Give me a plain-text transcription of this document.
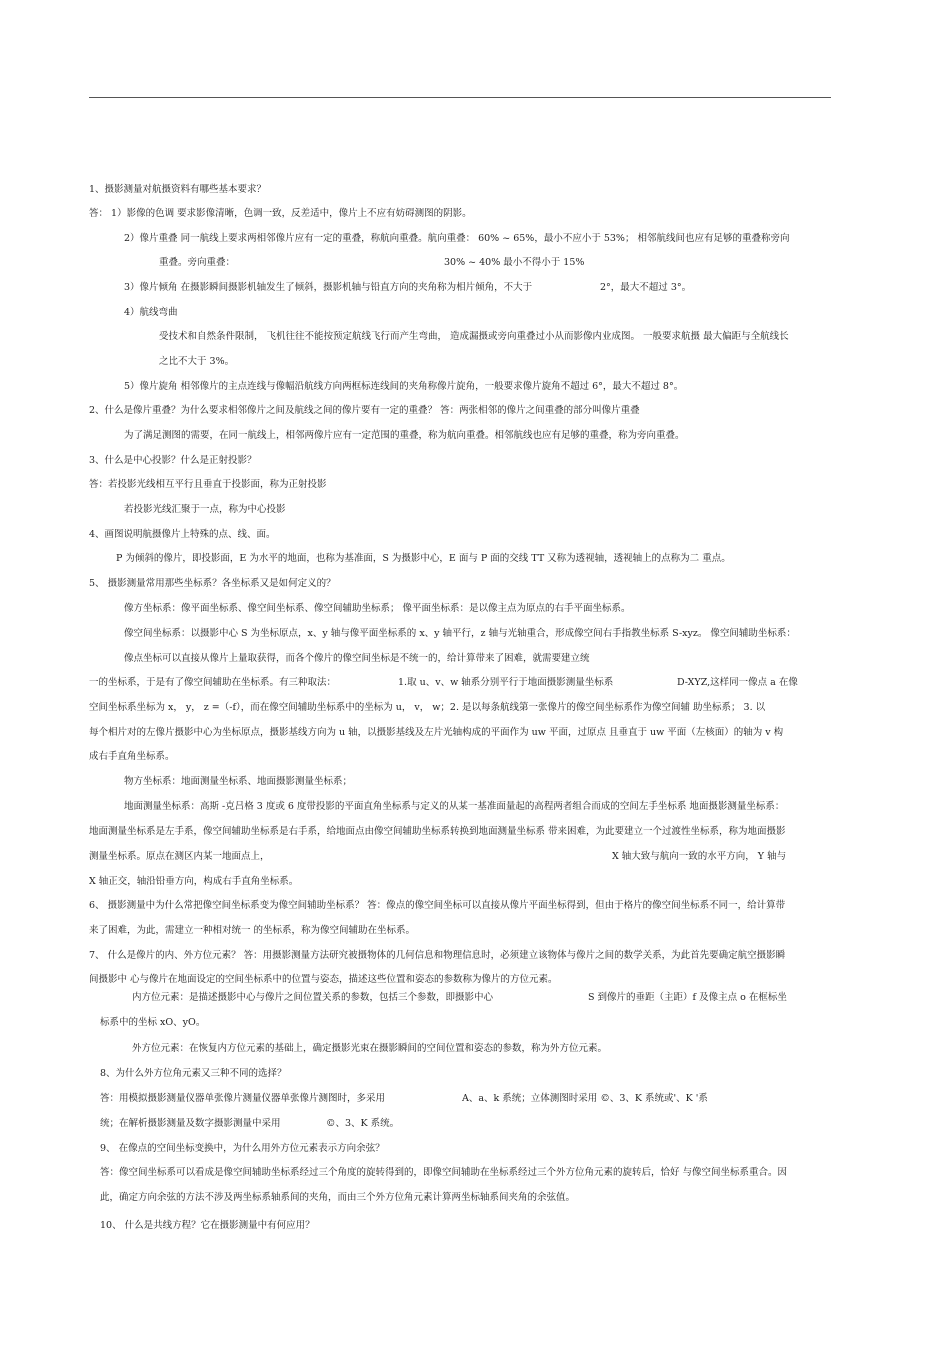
1、摄影测量对航摄资料有哪些基本要求？
答： 1）影像的色调 要求影像清晰，色调一致，反差适中，像片上不应有妨碍测图的阴影。
2）像片重叠 同一航线上要求两相邻像片应有一定的重叠，称航向重叠。航向重叠： 60% ~ 65%，最小不应小于 53%； 相邻航线间也应有足够的重叠称旁向
重叠。旁向重叠：	30% ~ 40% 最小不得小于 15%
3）像片倾角 在摄影瞬间摄影机轴发生了倾斜，摄影机轴与铅直方向的夹角称为相片倾角，不大于	2°，最大不超过 3°。
4）航线弯曲
受技术和自然条件限制， 飞机往往不能按预定航线飞行而产生弯曲， 造成漏摄或旁向重叠过小从而影像内业成图。 一般要求航摄 最大偏距与全航线长
之比不大于 3%。
5）像片旋角 相邻像片的主点连线与像幅沿航线方向两框标连线间的夹角称像片旋角，一般要求像片旋角不超过 6°，最大不超过 8°。
2、什么是像片重叠？为什么要求相邻像片之间及航线之间的像片要有一定的重叠？ 答：两张相邻的像片之间重叠的部分叫像片重叠
为了满足测图的需要，在同一航线上，相邻两像片应有一定范围的重叠，称为航向重叠。相邻航线也应有足够的重叠，称为旁向重叠。
3、什么是中心投影？什么是正射投影？
答：若投影光线相互平行且垂直于投影面，称为正射投影
若投影光线汇聚于一点，称为中心投影
4、画图说明航摄像片上特殊的点、线、面。
P 为倾斜的像片，即投影面，E 为水平的地面，也称为基准面，S 为摄影中心，E 面与 P 面的交线 TT 又称为透视轴，透视轴上的点称为二 重点。
5、 摄影测量常用那些坐标系？各坐标系又是如何定义的？
像方坐标系：像平面坐标系、像空间坐标系、像空间辅助坐标系； 像平面坐标系：是以像主点为原点的右手平面坐标系。
像空间坐标系：以摄影中心 S 为坐标原点，x、y 轴与像平面坐标系的 x、y 轴平行，z 轴与光轴重合，形成像空间右手指教坐标系 S-xyz。 像空间辅助坐标系：
像点坐标可以直接从像片上量取获得，而各个像片的像空间坐标是不统一的，给计算带来了困难，就需要建立统
一的坐标系，于是有了像空间辅助在坐标系。有三种取法：	1.取 u、v、w 轴系分别平行于地面摄影测量坐标系	D-XYZ,这样同一像点 a 在像
空间坐标系坐标为 x， y， z =（-f），而在像空间辅助坐标系中的坐标为 u， v， w；2. 是以每条航线第一张像片的像空间坐标系作为像空间辅 助坐标系； 3. 以
每个相片对的左像片摄影中心为坐标原点，摄影基线方向为 u 轴，以摄影基线及左片光轴构成的平面作为 uw 平面，过原点 且垂直于 uw 平面（左核面）的轴为 v 构
成右手直角坐标系。
物方坐标系：地面测量坐标系、地面摄影测量坐标系；
地面测量坐标系：高斯 -克吕格 3 度或 6 度带投影的平面直角坐标系与定义的从某一基准面量起的高程两者组合而成的空间左手坐标系 地面摄影测量坐标系：
地面测量坐标系是左手系，像空间辅助坐标系是右手系，给地面点由像空间辅助坐标系转换到地面测量坐标系 带来困难，为此要建立一个过渡性坐标系，称为地面摄影
测量坐标系。原点在测区内某一地面点上，	X 轴大致与航向一致的水平方向， Y 轴与
X 轴正交，轴沿铅垂方向，构成右手直角坐标系。
6、 摄影测量中为什么常把像空间坐标系变为像空间辅助坐标系？ 答：像点的像空间坐标可以直接从像片平面坐标得到，但由于格片的像空间坐标系不同一，给计算带
来了困难，为此，需建立一种相对统一 的坐标系，称为像空间辅助在坐标系。
7、 什么是像片的内、外方位元素？ 答：用摄影测量方法研究被摄物体的几何信息和物理信息时，必须建立该物体与像片之间的数学关系，为此首先要确定航空摄影瞬
间摄影中 心与像片在地面设定的空间坐标系中的位置与姿态，描述这些位置和姿态的参数称为像片的方位元素。
内方位元素：是描述摄影中心与像片之间位置关系的参数，包括三个参数，即摄影中心	S 到像片的垂距（主距）f 及像主点 o 在框标坐
标系中的坐标 xO、yO。
外方位元素：在恢复内方位元素的基础上，确定摄影光束在摄影瞬间的空间位置和姿态的参数，称为外方位元素。
8、为什么外方位角元素又三种不同的选择？
答：用模拟摄影测量仪器单张像片测量仪器单张像片测图时，多采用	A、a、k 系统；立体测图时采用 ©、3、K 系统或'、K '系
统；在解析摄影测量及数字摄影测量中采用	©、3、K 系统。
9、 在像点的空间坐标变换中，为什么用外方位元素表示方向余弦？
答：像空间坐标系可以看成是像空间辅助坐标系经过三个角度的旋转得到的，即像空间辅助在坐标系经过三个外方位角元素的旋转后，恰好 与像空间坐标系重合。因
此，确定方向余弦的方法不涉及两坐标系轴系间的夹角，而由三个外方位角元素计算两坐标轴系间夹角的余弦值。
10、 什么是共线方程？它在摄影测量中有何应用？
